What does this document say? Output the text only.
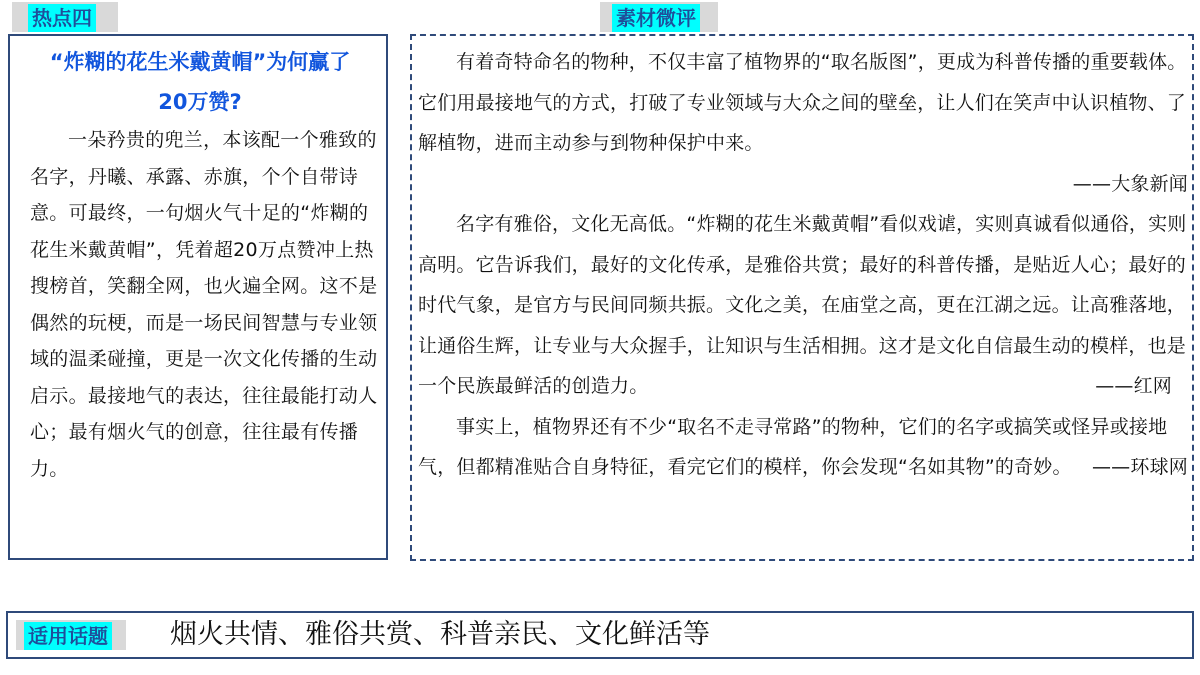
热点四	素材微评
“炸糊的花生米戴黄帽”为何赢了
20万赞?

一朵矜贵的兜兰，本该配一个雅致的名字，丹曦、承露、赤旗，个个自带诗意。可最终，一句烟火气十足的“炸糊的花生米戴黄帽”，凭着超20万点赞冲上热搜榜首，笑翻全网，也火遍全网。这不是偶然的玩梗，而是一场民间智慧与专业领域的温柔碰撞，更是一次文化传播的生动启示。最接地气的表达，往往最能打动人心；最有烟火气的创意，往往最有传播力。

有着奇特命名的物种，不仅丰富了植物界的“取名版图”，更成为科普传播的重要载体。它们用最接地气的方式，打破了专业领域与大众之间的壁垒，让人们在笑声中认识植物、了解植物，进而主动参与到物种保护中来。

——大象新闻

名字有雅俗，文化无高低。“炸糊的花生米戴黄帽”看似戏谑，实则真诚看似通俗，实则高明。它告诉我们，最好的文化传承，是雅俗共赏；最好的科普传播，是贴近人心；最好的时代气象，是官方与民间同频共振。文化之美，在庙堂之高，更在江湖之远。让高雅落地，让通俗生辉，让专业与大众握手，让知识与生活相拥。这才是文化自信最生动的模样，也是一个民族最鲜活的创造力。	——红网

事实上，植物界还有不少“取名不走寻常路”的物种，它们的名字或搞笑或怪异或接地气，但都精准贴合自身特征，看完它们的模样，你会发现“名如其物”的奇妙。	——环球网
适用话题 烟火共情、雅俗共赏、科普亲民、文化鲜活等
